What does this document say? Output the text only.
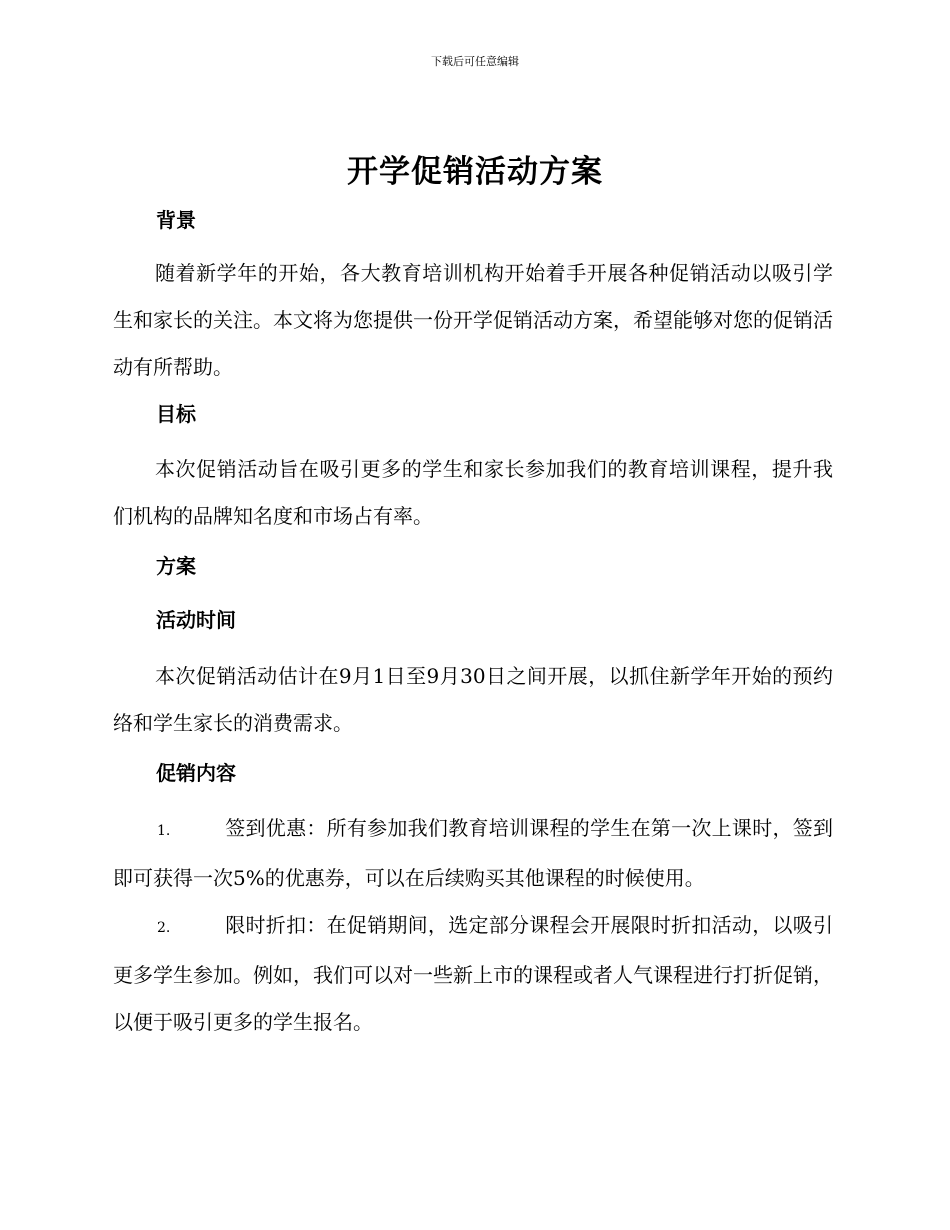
下载后可任意编辑
开学促销活动方案
背景
随着新学年的开始，各大教育培训机构开始着手开展各种促销活动以吸引学生和家长的关注。本文将为您提供一份开学促销活动方案，希望能够对您的促销活动有所帮助。
目标
本次促销活动旨在吸引更多的学生和家长参加我们的教育培训课程，提升我们机构的品牌知名度和市场占有率。
方案
活动时间
本次促销活动估计在9月1日至9月30日之间开展，以抓住新学年开始的预约络和学生家长的消费需求。
促销内容
1.	签到优惠：所有参加我们教育培训课程的学生在第一次上课时，签到即可获得一次5%的优惠券，可以在后续购买其他课程的时候使用。
2.	限时折扣：在促销期间，选定部分课程会开展限时折扣活动，以吸引更多学生参加。例如，我们可以对一些新上市的课程或者人气课程进行打折促销，以便于吸引更多的学生报名。
